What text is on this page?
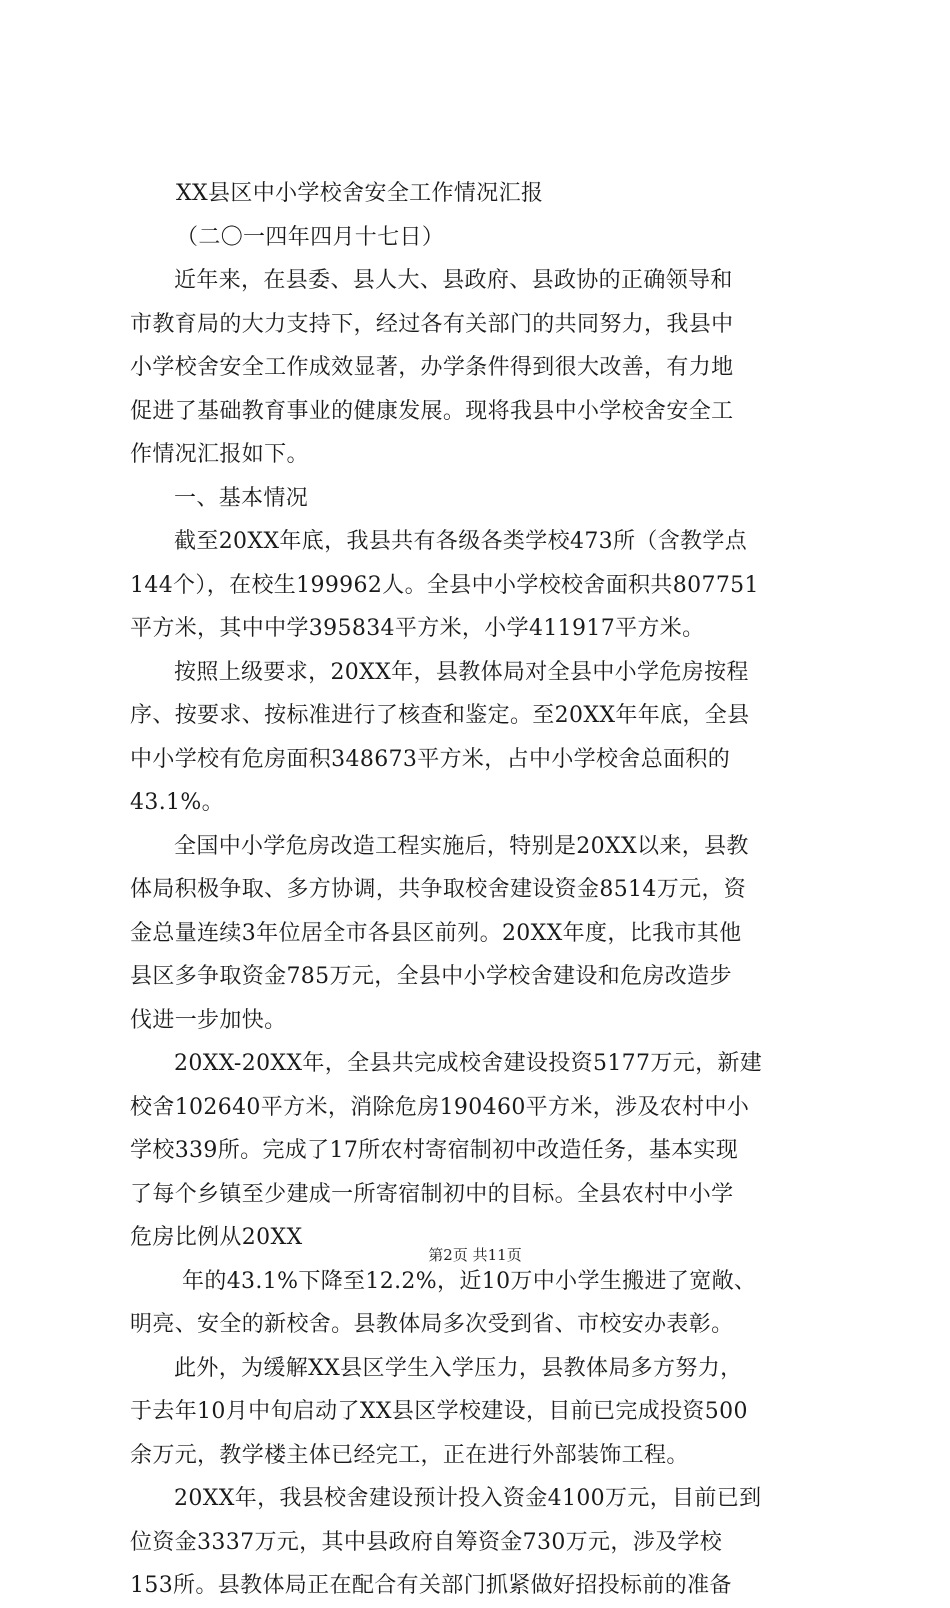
XX县区中小学校舍安全工作情况汇报
（二〇一四年四月十七日）
近年来，在县委、县人大、县政府、县政协的正确领导和
市教育局的大力支持下，经过各有关部门的共同努力，我县中
小学校舍安全工作成效显著，办学条件得到很大改善，有力地
促进了基础教育事业的健康发展。现将我县中小学校舍安全工
作情况汇报如下。
一、基本情况
截至20XX年底，我县共有各级各类学校473所（含教学点
144个），在校生199962人。全县中小学校校舍面积共807751
平方米，其中中学395834平方米，小学411917平方米。
按照上级要求，20XX年，县教体局对全县中小学危房按程
序、按要求、按标准进行了核查和鉴定。至20XX年年底，全县
中小学校有危房面积348673平方米，占中小学校舍总面积的
43.1%。
全国中小学危房改造工程实施后，特别是20XX以来，县教
体局积极争取、多方协调，共争取校舍建设资金8514万元，资
金总量连续3年位居全市各县区前列。20XX年度，比我市其他
县区多争取资金785万元，全县中小学校舍建设和危房改造步
伐进一步加快。
20XX-20XX年，全县共完成校舍建设投资5177万元，新建
校舍102640平方米，消除危房190460平方米，涉及农村中小
学校339所。完成了17所农村寄宿制初中改造任务，基本实现
了每个乡镇至少建成一所寄宿制初中的目标。全县农村中小学
危房比例从20XX
年的43.1%下降至12.2%，近10万中小学生搬进了宽敞、
明亮、安全的新校舍。县教体局多次受到省、市校安办表彰。
此外，为缓解XX县区学生入学压力，县教体局多方努力，
于去年10月中旬启动了XX县区学校建设，目前已完成投资500
余万元，教学楼主体已经完工，正在进行外部装饰工程。
20XX年，我县校舍建设预计投入资金4100万元，目前已到
位资金3337万元，其中县政府自筹资金730万元，涉及学校
153所。县教体局正在配合有关部门抓紧做好招投标前的准备
第2页 共11页
